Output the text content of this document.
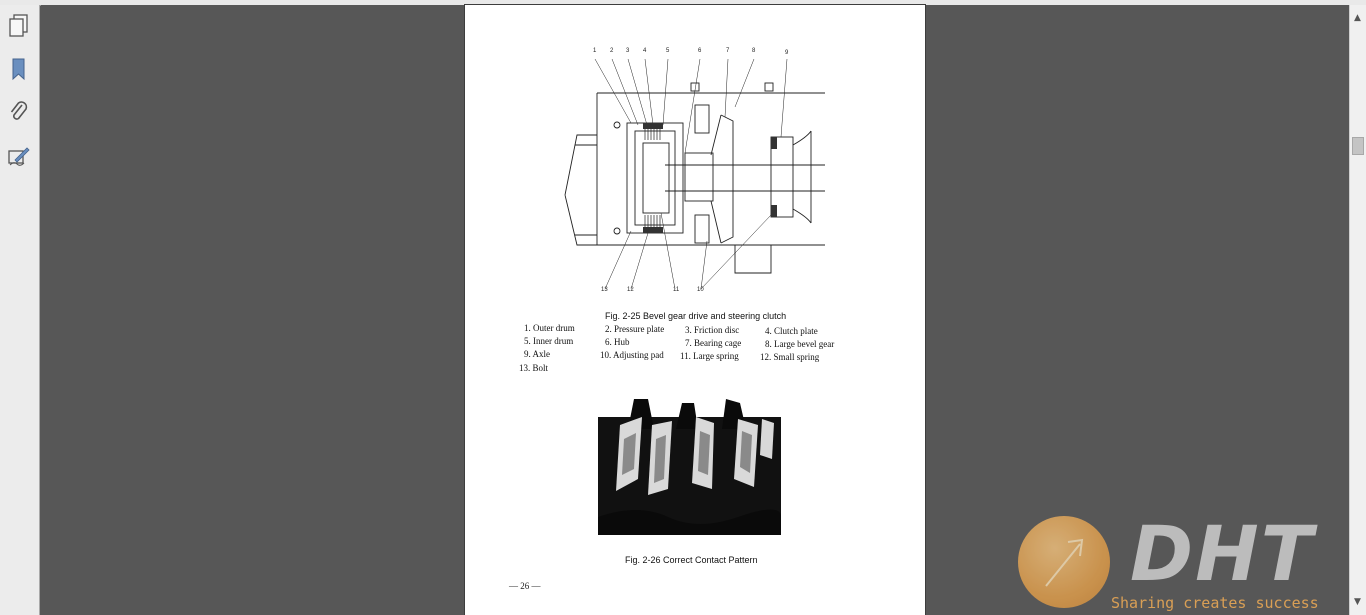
1 2 3 4	5	6	7	8	9
13	12	11	10
Fig. 2-25 Bevel gear drive and steering clutch
1. Outer drum	2. Pressure plate 3. Friction disc	4. Clutch plate
5. Inner drum	6. Hub	7. Bearing cage	8. Large bevel gear
9. Axle	10. Adjusting pad 11. Large spring 12. Small spring
13. Bolt
Fig. 2-26 Correct Contact Pattern
— 26 —
▲
▼
DHT
Sharing creates success
